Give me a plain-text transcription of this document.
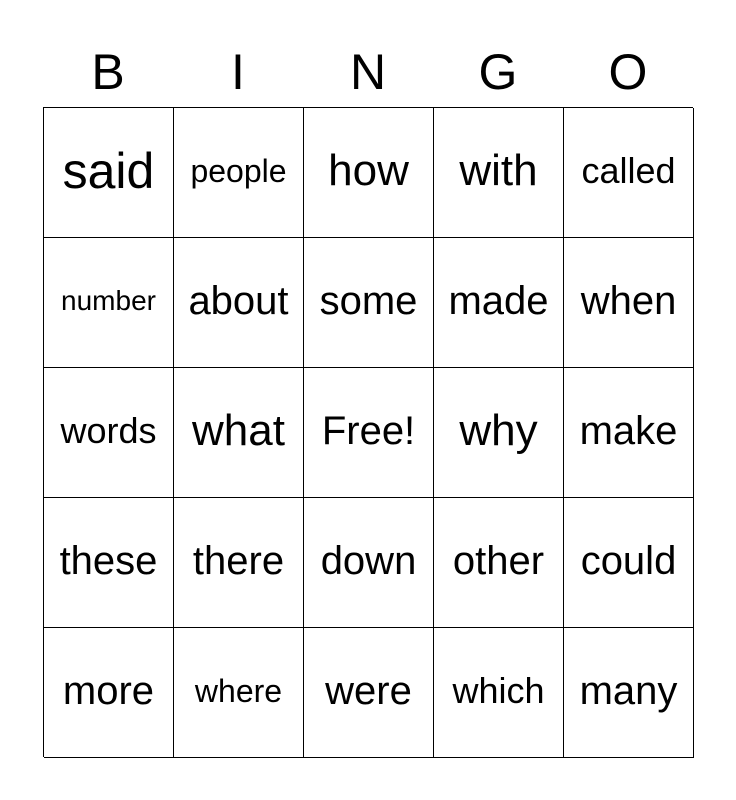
B	I	N	G	O
said	people how	with	called
number about some made when
words what Free!	why	make
these there down other could
more	where	were	which many
